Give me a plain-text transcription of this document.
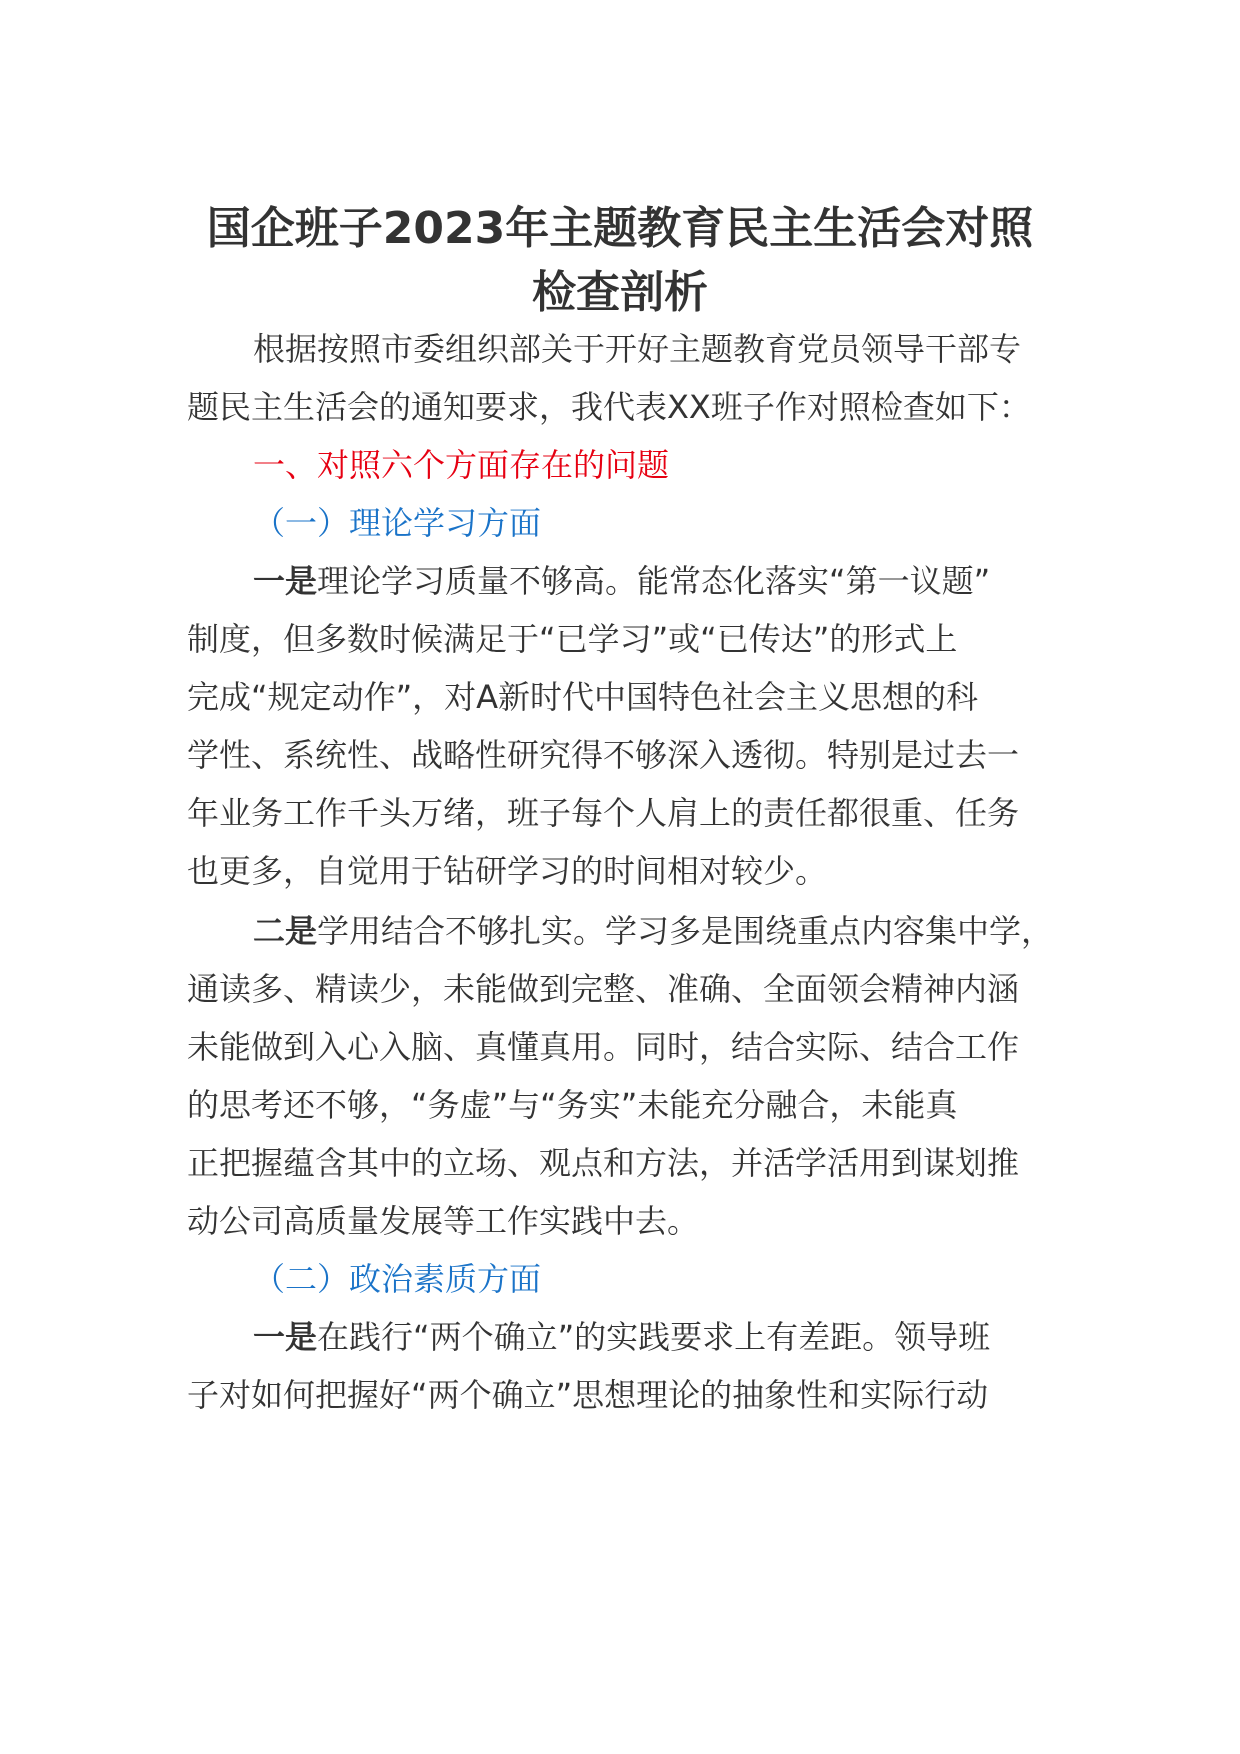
国企班子2023年主题教育民主生活会对照
检查剖析
根据按照市委组织部关于开好主题教育党员领导干部专
题民主生活会的通知要求，我代表XX班子作对照检查如下：
一、对照六个方面存在的问题
（一）理论学习方面
一是理论学习质量不够高。能常态化落实“第一议题”
制度，但多数时候满足于“已学习”或“已传达”的形式上
完成“规定动作”，对A新时代中国特色社会主义思想的科
学性、系统性、战略性研究得不够深入透彻。特别是过去一
年业务工作千头万绪，班子每个人肩上的责任都很重、任务
也更多，自觉用于钻研学习的时间相对较少。
二是学用结合不够扎实。学习多是围绕重点内容集中学，
通读多、精读少，未能做到完整、准确、全面领会精神内涵
未能做到入心入脑、真懂真用。同时，结合实际、结合工作
的思考还不够，“务虚”与“务实”未能充分融合，未能真
正把握蕴含其中的立场、观点和方法，并活学活用到谋划推
动公司高质量发展等工作实践中去。
（二）政治素质方面
一是在践行“两个确立”的实践要求上有差距。领导班
子对如何把握好“两个确立”思想理论的抽象性和实际行动
